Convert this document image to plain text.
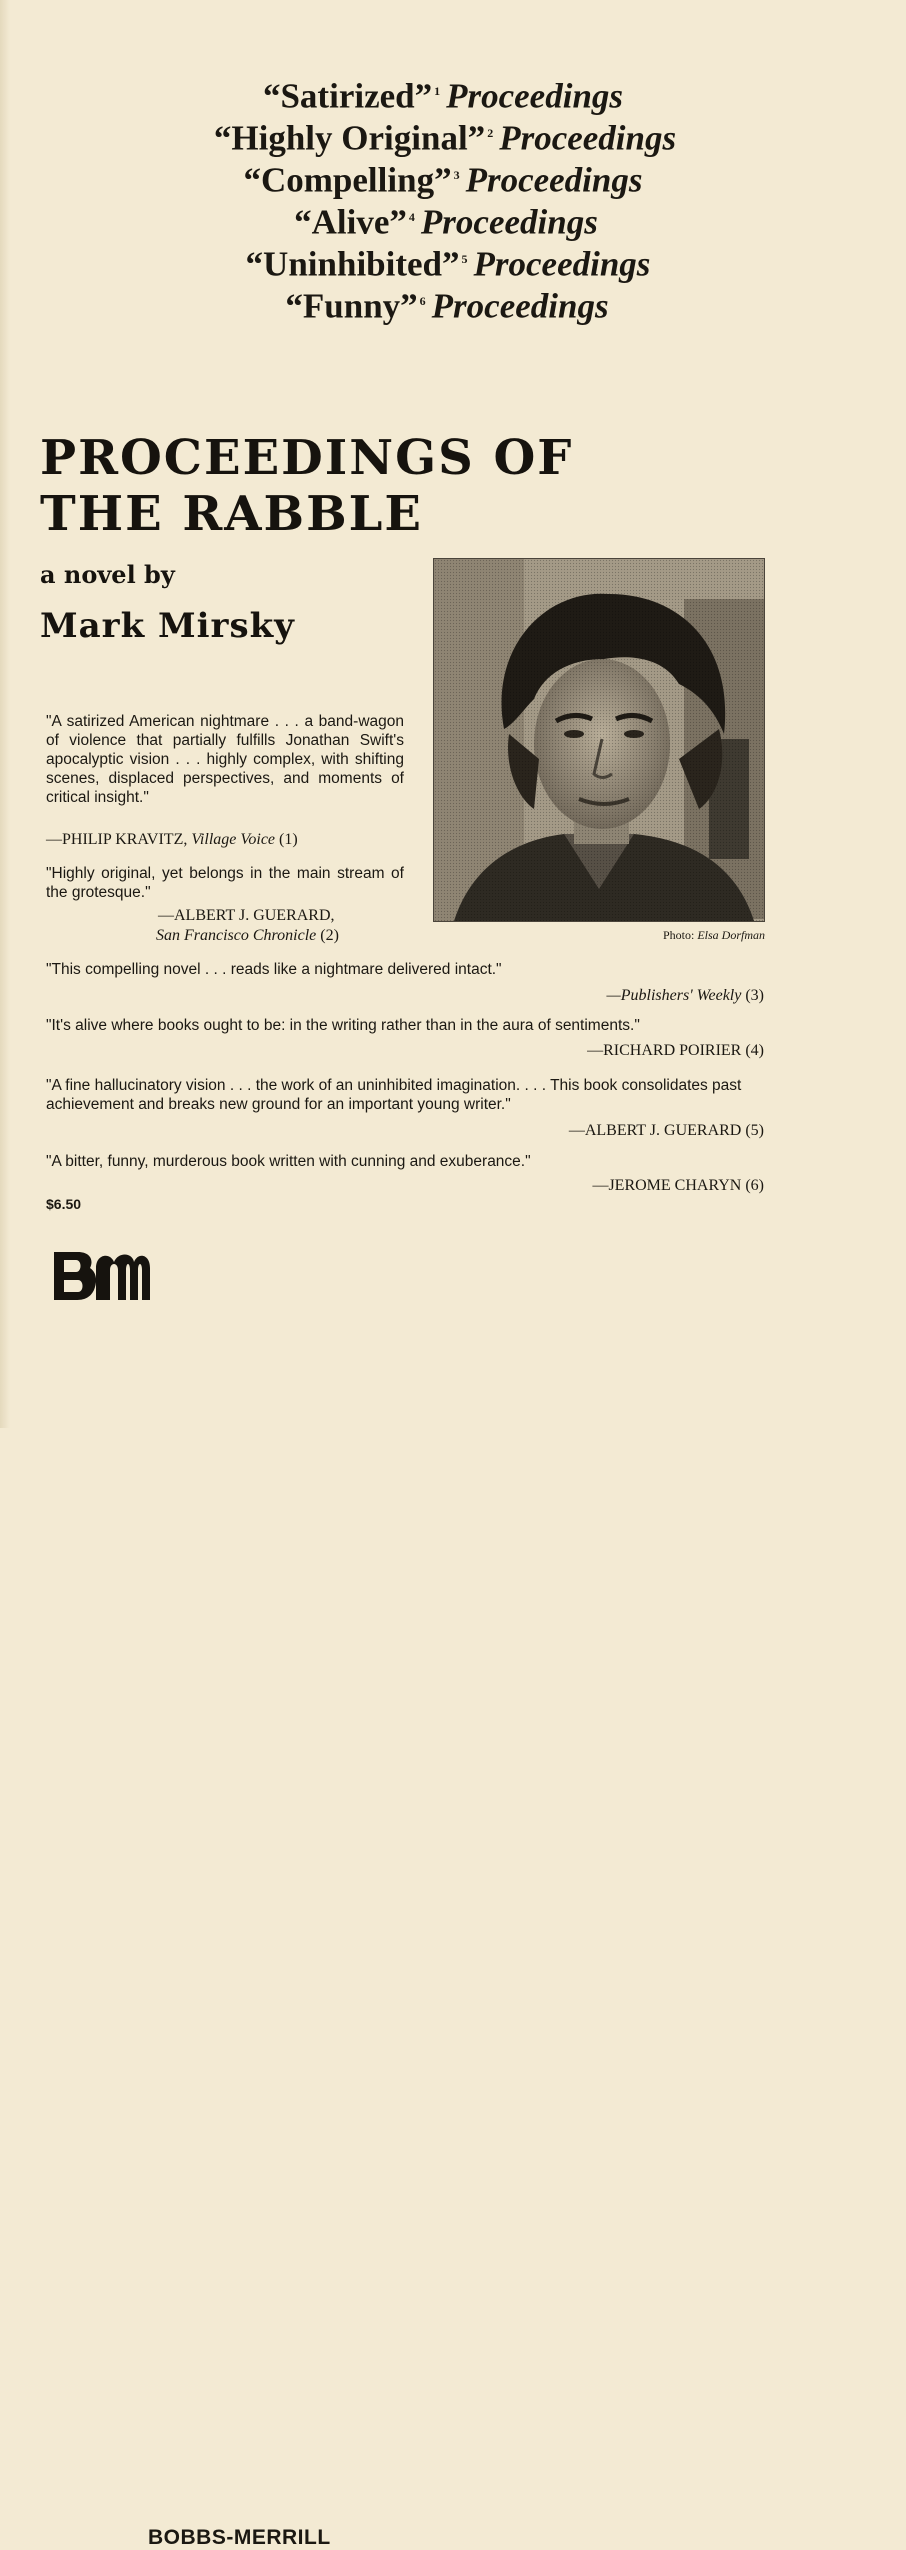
“Satirized” $^1$ Proceedings
“Highly Original” $^2$ Proceedings
“Compelling” $^3$ Proceedings
“Alive” $^4$ Proceedings
“Uninhibited” $^5$ Proceedings
“Funny” $^6$ Proceedings
PROCEEDINGS OF
THE RABBLE
a novel by
Mark Mirsky
Photo: Elsa Dorfman
"A satirized American nightmare . . . a band-wagon of violence that partially fulfills Jonathan Swift's apocalyptic vision . . . highly complex, with shifting scenes, displaced perspectives, and moments of critical insight."
—PHILIP KRAVITZ, Village Voice (1)
"Highly original, yet belongs in the main stream of the grotesque."
—ALBERT J. GUERARD,
San Francisco Chronicle (2)
"This compelling novel . . . reads like a nightmare delivered intact."
—Publishers' Weekly (3)
"It's alive where books ought to be: in the writing rather than in the aura of sentiments."
—RICHARD POIRIER (4)
"A fine hallucinatory vision . . . the work of an uninhibited imagination. . . . This book consolidates past achievement and breaks new ground for an important young writer."
—ALBERT J. GUERARD (5)
"A bitter, funny, murderous book written with cunning and exuberance."
—JEROME CHARYN (6)
$6.50
BOBBS-MERRILL
